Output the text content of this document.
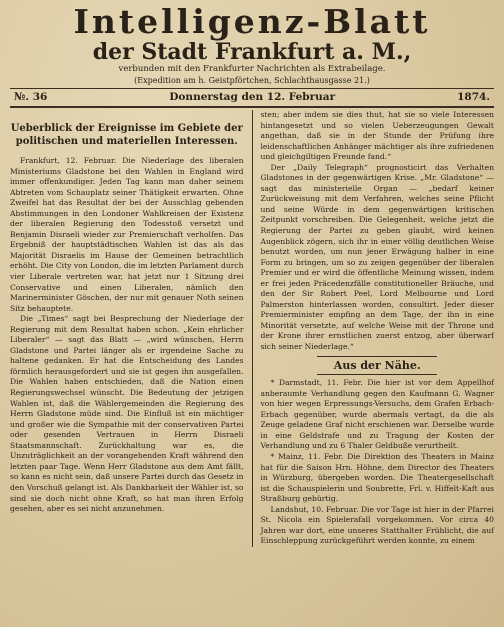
Intelligenz-Blatt
der Stadt Frankfurt a. M.,
verbunden mit den Frankfurter Nachrichten als Extrabeilage.
(Expedition am h. Geistpförtchen, Schlachthausgasse 21.)
№. 36	Donnerstag den 12. Februar	1874.
Ueberblick der Ereignisse im Gebiete der politischen und materiellen Interessen.

Frankfurt, 12. Februar. Die Niederlage des liberalen Ministeriums Gladstone bei den Wahlen in England wird immer offenkundiger. Jeden Tag kann man daher seinem Abtreten vom Schauplatz seiner Thätigkeit erwarten. Ohne Zweifel hat das Resultat der bei der Ausschlag gebenden Abstimmungen in den Londoner Wahlkreisen der Existenz der liberalen Regierung den Todesstoß versetzt und Benjamin Disraeli wieder zur Premierschaft verholfen. Das Ergebniß der hauptstädtischen Wahlen ist das als das Majorität Disraelis im Hause der Gemeinen betrachtlich erhöht. Die City von London, die im letzten Parlament durch vier Liberale vertreten war, hat jetzt nur 1 Sitzung drei Conservative und einen Liberalen, nämlich den Marinerminister Göschen, der nur mit genauer Noth seinen Sitz behauptete.

Die „Times“ sagt bei Besprechung der Niederlage der Regierung mit dem Resultat haben schon. „Kein ehrlicher Liberaler“ — sagt das Blatt — „wird wünschen, Herrn Gladstone und Partei länger als er irgendeine Sache zu haltene gedanken. Er hat die Entscheidung des Landes förmlich herausgefordert und sie ist gegen ihn ausgefallen. Die Wahlen haben entschieden, daß die Nation einen Regierungswechsel wünscht. Die Bedeutung der jetzigen Wahlen ist, daß die Wählergemeinden die Regierung des Herrn Gladstone müde sind. Die Einfluß ist ein mächtiger und großer wie die Sympathie mit der conservativen Partei oder gesenden Vertrauen in Herrn Disraeli Staatsmannschaft. Zurückhaltung war es, die Unzuträglichkeit an der vorangehenden Kraft während den letzten paar Tage. Wenn Herr Gladstone aus dem Amt fällt, so kann es nicht sein, daß unsere Partei durch das Gesetz in den Vorschuß gelangt ist. Als Dankbarkeit der Wähler ist, so sind sie doch nicht ohne Kraft, so hat man ihren Erfolg gesehen, aber es sei nicht anzunehmen.

sten; aber indem sie dies thut, hat sie so viele Interessen hintangesetzt und so vielen Ueberzeugungen Gewalt angethan, daß sie in der Stunde der Prüfung ihre leidenschaftlichen Anhänger mächtiger als ihre zufriedenen und gleichgiltigen Freunde fand.“

Der „Daily Telegraph“ prognosticirt das Verhalten Gladstones in der gegenwärtigen Krise. „Mr. Gladstone“ — sagt das ministerielle Organ — „bedarf keiner Zurückweisung mit dem Verfahren, welches seine Pflicht und seine Würde in dem gegenwärtigen kritischen Zeitpunkt vorschreiben. Die Gelegenheit, welche jetzt die Regierung der Partei zu geben glaubt, wird keinen Augenblick zögern, sich ihr in einer völlig deutlichen Weise benutzt worden, um nun jener Erwägung halber in eine Form zu bringen, um so zu zeigen gegenüber der liberalen Premier und er wird die öffentliche Meinung wissen, indem er frei jeden Präcedenzfälle constitutioneller Bräuche, und den der Sir Robert Peel, Lord Melbourne und Lord Palmerston hinterlassen worden, consultirt. Jeder dieser Premierminister empfing an dem Tage, der ihn in eine Minorität versetzte, auf welche Weise mit der Throne und der Krone ihrer ernstlichen zuerst entzog, aber überwarf sich seiner Niederlage.“

Aus der Nähe.

* Darmstadt, 11. Febr. Die hier ist vor dem Appellhof anberaumte Verhandlung gegen den Kaufmann G. Wagner von hier wegen Erpressungs-Versuchs, dem Grafen Erbach-Erbach gegenüber, wurde abermals vertagt, da die als Zeuge geladene Graf nicht erschienen war. Derselbe wurde in eine Geldstrafe und zu Tragung der Kosten der Verhandlung und zu 6 Thaler Geldbuße verurtheilt.

* Mainz, 11. Febr. Die Direktion des Theaters in Mainz hat für die Saison Hrn. Höhne, dem Director des Theaters in Würzburg, übergeben worden. Die Theatergesellschaft ist die Schauspielerin und Soubrette, Frl. v. Hiffelt-Kaft aus Straßburg gebürtig.

Landshut, 10. Februar. Die vor Tage ist hier in der Pfarrei St. Nicola ein Spielerafall vorgekommen. Vor circa 40 Jahren war dort, eine unseres Statthalter Frühlicht, die auf Einschleppung zurückgeführt werden konnte, zu einem
